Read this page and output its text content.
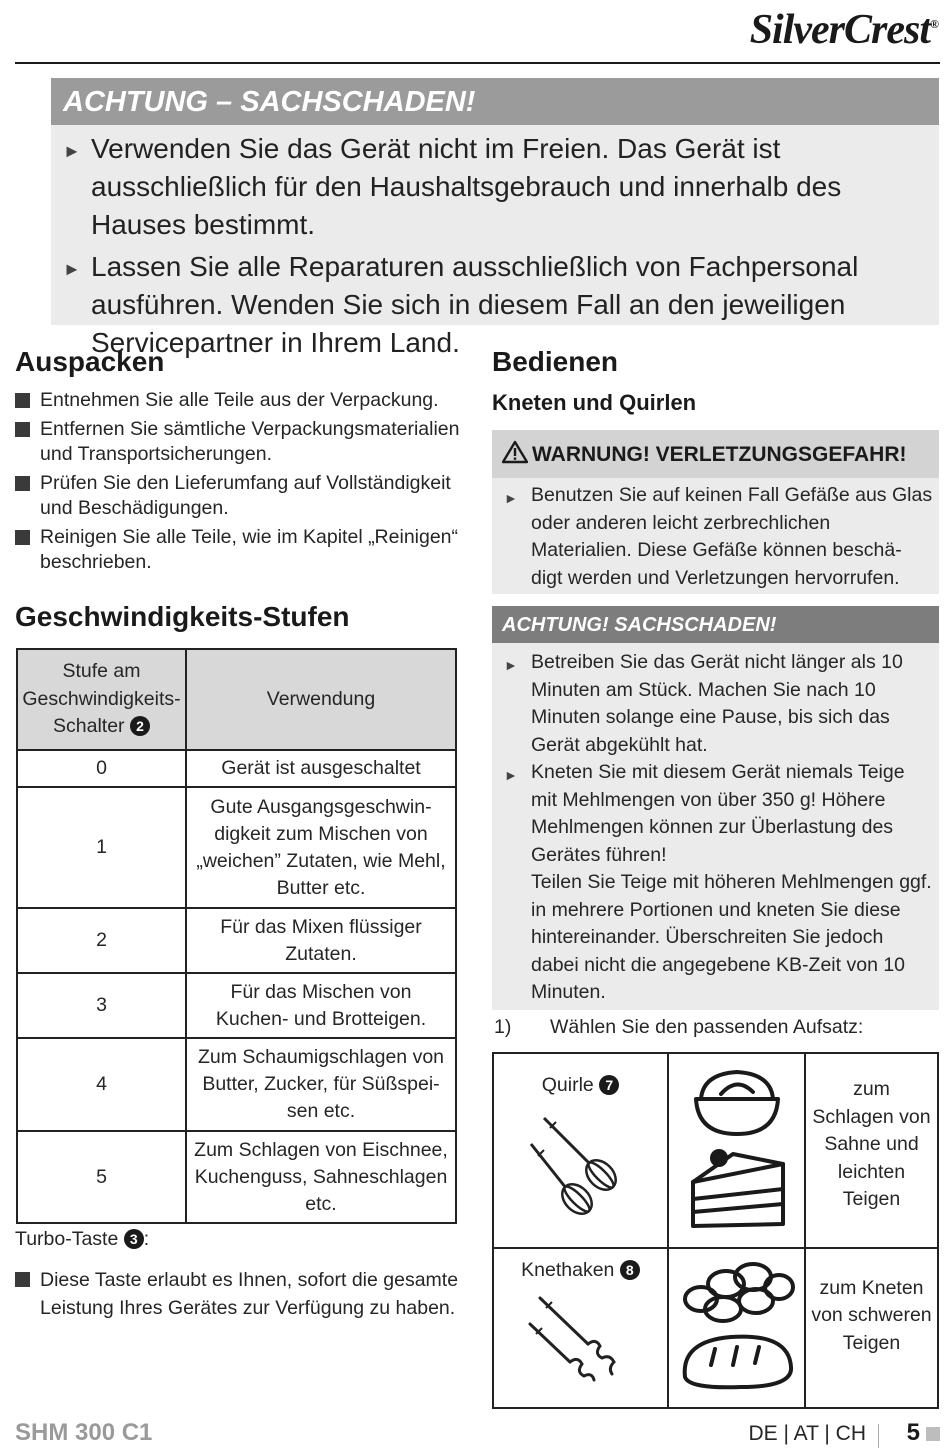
SilverCrest®
ACHTUNG – SACHSCHADEN!
► Verwenden Sie das Gerät nicht im Freien. Das Gerät ist ausschließlich für den Haushaltsgebrauch und innerhalb des Hauses bestimmt.
► Lassen Sie alle Reparaturen ausschließlich von Fachpersonal ausführen. Wenden Sie sich in diesem Fall an den jeweiligen Servicepartner in Ihrem Land.
Auspacken
Entnehmen Sie alle Teile aus der Verpackung.
Entfernen Sie sämtliche Verpackungsmaterialien und Transportsicherungen.
Prüfen Sie den Lieferumfang auf Vollständigkeit und Beschädigungen.
Reinigen Sie alle Teile, wie im Kapitel „Reinigen“ beschrieben.
Geschwindigkeits-Stufen
Stufe am Geschwindigkeits-Schalter 2	Verwendung
0	Gerät ist ausgeschaltet
1	Gute Ausgangsgeschwin-digkeit zum Mischen von „weichen” Zutaten, wie Mehl, Butter etc.
2	Für das Mixen flüssiger Zutaten.
3	Für das Mischen von Kuchen- und Brotteigen.
4	Zum Schaumigschlagen von Butter, Zucker, für Süßspei-sen etc.
5	Zum Schlagen von Eischnee, Kuchenguss, Sahneschlagen etc.
Turbo-Taste 3 :
Diese Taste erlaubt es Ihnen, sofort die gesamte Leistung Ihres Gerätes zur Verfügung zu haben.
Bedienen
Kneten und Quirlen
WARNUNG! VERLETZUNGSGEFAHR!
► Benutzen Sie auf keinen Fall Gefäße aus Glas oder anderen leicht zerbrechlichen Materialien. Diese Gefäße können beschä-digt werden und Verletzungen hervorrufen.
ACHTUNG! SACHSCHADEN!
► Betreiben Sie das Gerät nicht länger als 10 Minuten am Stück. Machen Sie nach 10 Minuten solange eine Pause, bis sich das Gerät abgekühlt hat.
► Kneten Sie mit diesem Gerät niemals Teige mit Mehlmengen von über 350 g! Höhere Mehlmengen können zur Überlastung des Gerätes führen!
Teilen Sie Teige mit höheren Mehlmengen ggf. in mehrere Portionen und kneten Sie diese hintereinander. Überschreiten Sie jedoch dabei nicht die angegebene KB-Zeit von 10 Minuten.
1) Wählen Sie den passenden Aufsatz:
Quirle 7		zum Schlagen von Sahne und leichten Teigen

Knethaken 8		zum Kneten von schweren Teigen
SHM 300 C1	DE | AT | CH 5
